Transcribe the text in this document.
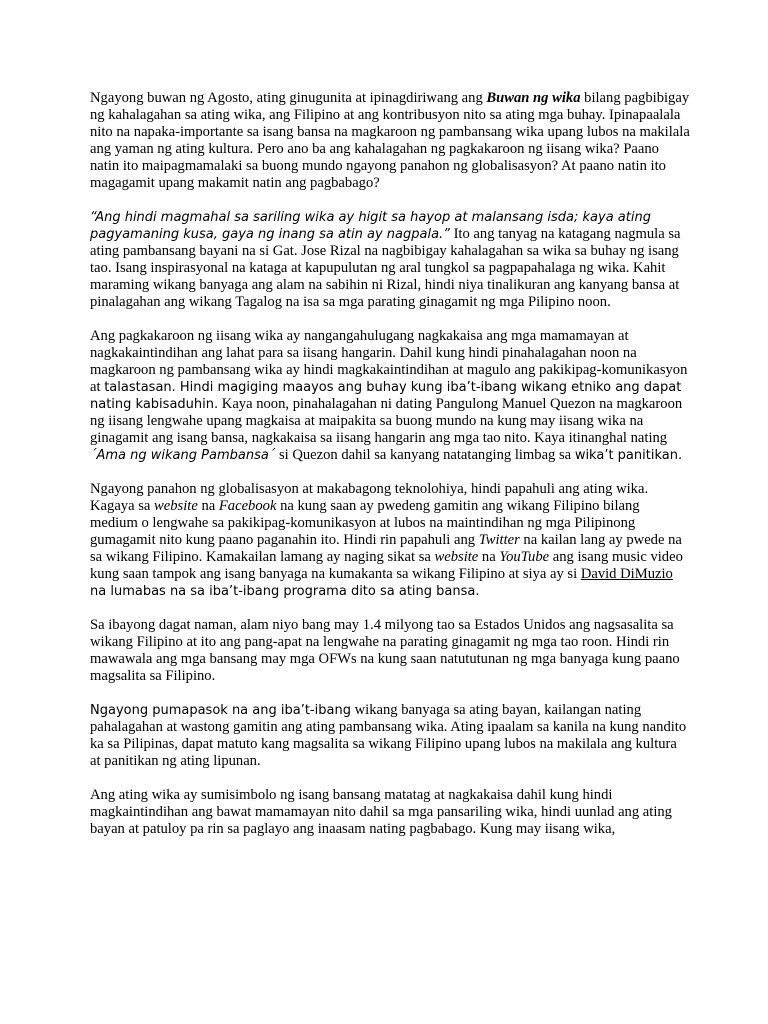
Ngayong buwan ng Agosto, ating ginugunita at ipinagdiriwang ang Buwan ng wika bilang pagbibigay ng kahalagahan sa ating wika, ang Filipino at ang kontribusyon nito sa ating mga buhay. Ipinapaalala nito na napaka-importante sa isang bansa na magkaroon ng pambansang wika upang lubos na makilala ang yaman ng ating kultura. Pero ano ba ang kahalagahan ng pagkakaroon ng iisang wika? Paano natin ito maipagmamalaki sa buong mundo ngayong panahon ng globalisasyon? At paano natin ito magagamit upang makamit natin ang pagbabago?

“Ang hindi magmahal sa sariling wika ay higit sa hayop at malansang isda; kaya ating pagyamaning kusa, gaya ng inang sa atin ay nagpala.” Ito ang tanyag na katagang nagmula sa ating pambansang bayani na si Gat. Jose Rizal na nagbibigay kahalagahan sa wika sa buhay ng isang tao. Isang inspirasyonal na kataga at kapupulutan ng aral tungkol sa pagpapahalaga ng wika. Kahit maraming wikang banyaga ang alam na sabihin ni Rizal, hindi niya tinalikuran ang kanyang bansa at pinalagahan ang wikang Tagalog na isa sa mga parating ginagamit ng mga Pilipino noon.

Ang pagkakaroon ng iisang wika ay nangangahulugang nagkakaisa ang mga mamamayan at nagkakaintindihan ang lahat para sa iisang hangarin. Dahil kung hindi pinahalagahan noon na magkaroon ng pambansang wika ay hindi magkakaintindihan at magulo ang pakikipag-komunikasyon at talastasan. Hindi magiging maayos ang buhay kung iba’t-ibang wikang etniko ang dapat nating kabisaduhin. Kaya noon, pinahalagahan ni dating Pangulong Manuel Quezon na magkaroon ng iisang lengwahe upang magkaisa at maipakita sa buong mundo na kung may iisang wika na ginagamit ang isang bansa, nagkakaisa sa iisang hangarin ang mga tao nito. Kaya itinanghal nating ´Ama ng wikang Pambansa´ si Quezon dahil sa kanyang natatanging limbag sa wika’t panitikan.

Ngayong panahon ng globalisasyon at makabagong teknolohiya, hindi papahuli ang ating wika. Kagaya sa website na Facebook na kung saan ay pwedeng gamitin ang wikang Filipino bilang medium o lengwahe sa pakikipag-komunikasyon at lubos na maintindihan ng mga Pilipinong gumagamit nito kung paano paganahin ito. Hindi rin papahuli ang Twitter na kailan lang ay pwede na sa wikang Filipino. Kamakailan lamang ay naging sikat sa website na YouTube ang isang music video kung saan tampok ang isang banyaga na kumakanta sa wikang Filipino at siya ay si David DiMuzio na lumabas na sa iba’t-ibang programa dito sa ating bansa.

Sa ibayong dagat naman, alam niyo bang may 1.4 milyong tao sa Estados Unidos ang nagsasalita sa wikang Filipino at ito ang pang-apat na lengwahe na parating ginagamit ng mga tao roon. Hindi rin mawawala ang mga bansang may mga OFWs na kung saan natututunan ng mga banyaga kung paano magsalita sa Filipino.

Ngayong pumapasok na ang iba’t-ibang wikang banyaga sa ating bayan, kailangan nating pahalagahan at wastong gamitin ang ating pambansang wika. Ating ipaalam sa kanila na kung nandito ka sa Pilipinas, dapat matuto kang magsalita sa wikang Filipino upang lubos na makilala ang kultura at panitikan ng ating lipunan.

Ang ating wika ay sumisimbolo ng isang bansang matatag at nagkakaisa dahil kung hindi magkaintindihan ang bawat mamamayan nito dahil sa mga pansariling wika, hindi uunlad ang ating bayan at patuloy pa rin sa paglayo ang inaasam nating pagbabago. Kung may iisang wika,
